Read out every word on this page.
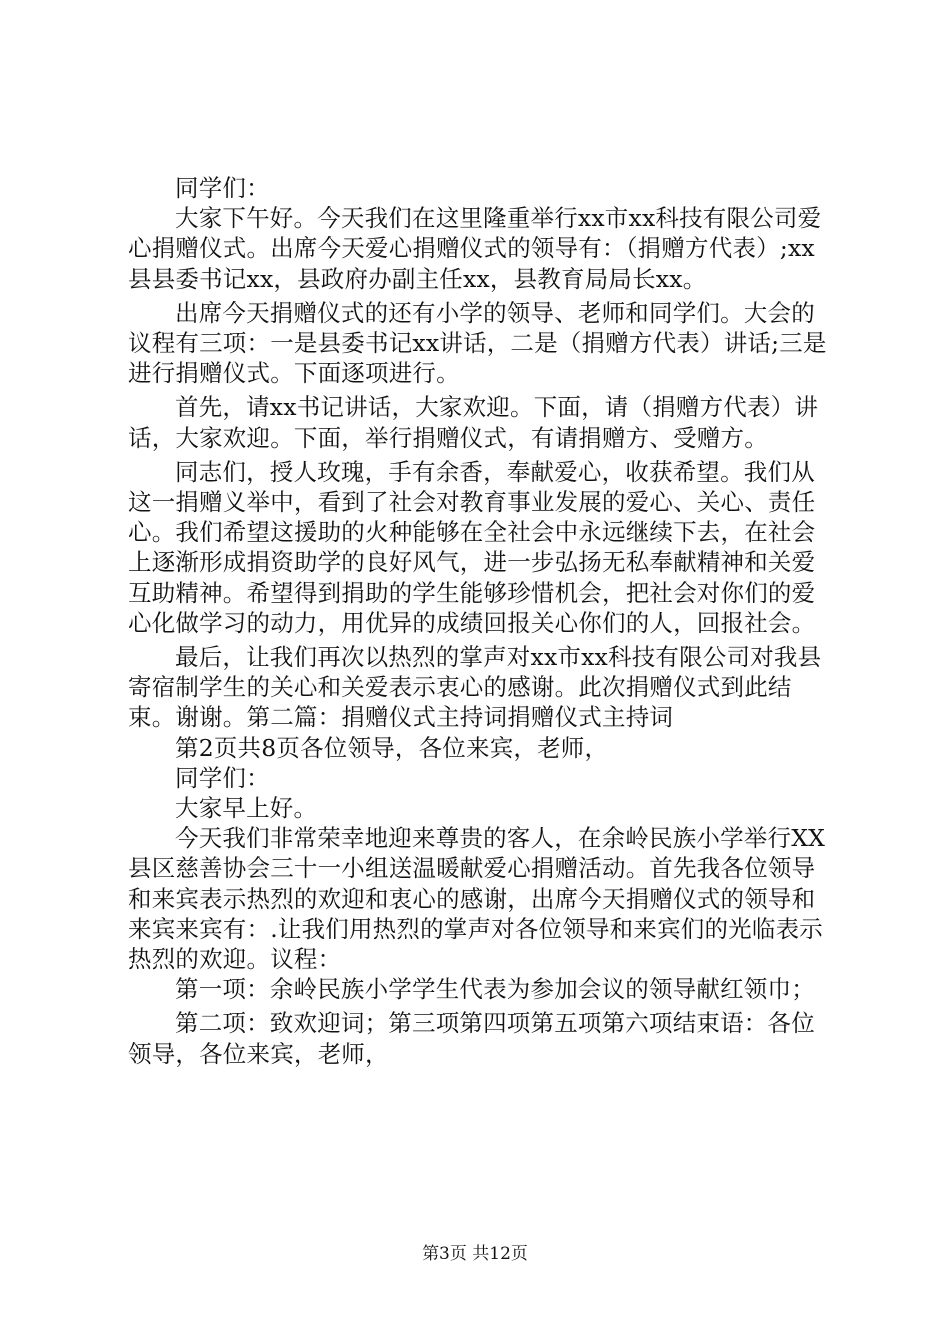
同学们：

大家下午好。今天我们在这里隆重举行xx市xx科技有限公司爱心捐赠仪式。出席今天爱心捐赠仪式的领导有：（捐赠方代表）;xx县县委书记xx，县政府办副主任xx，县教育局局长xx。

出席今天捐赠仪式的还有小学的领导、老师和同学们。大会的议程有三项：一是县委书记xx讲话，二是（捐赠方代表）讲话;三是进行捐赠仪式。下面逐项进行。

首先，请xx书记讲话，大家欢迎。下面，请（捐赠方代表）讲话，大家欢迎。下面，举行捐赠仪式，有请捐赠方、受赠方。

同志们，授人玫瑰，手有余香，奉献爱心，收获希望。我们从这一捐赠义举中，看到了社会对教育事业发展的爱心、关心、责任心。我们希望这援助的火种能够在全社会中永远继续下去，在社会上逐渐形成捐资助学的良好风气，进一步弘扬无私奉献精神和关爱互助精神。希望得到捐助的学生能够珍惜机会，把社会对你们的爱心化做学习的动力，用优异的成绩回报关心你们的人，回报社会。

最后，让我们再次以热烈的掌声对xx市xx科技有限公司对我县寄宿制学生的关心和关爱表示衷心的感谢。此次捐赠仪式到此结束。谢谢。第二篇：捐赠仪式主持词捐赠仪式主持词

第2页共8页各位领导，各位来宾，老师，

同学们：

大家早上好。

今天我们非常荣幸地迎来尊贵的客人，在余岭民族小学举行XX县区慈善协会三十一小组送温暖献爱心捐赠活动。首先我各位领导和来宾表示热烈的欢迎和衷心的感谢，出席今天捐赠仪式的领导和来宾来宾有：.让我们用热烈的掌声对各位领导和来宾们的光临表示热烈的欢迎。议程：

第一项：余岭民族小学学生代表为参加会议的领导献红领巾；

第二项：致欢迎词；第三项第四项第五项第六项结束语：各位领导，各位来宾，老师，

第3页 共12页
